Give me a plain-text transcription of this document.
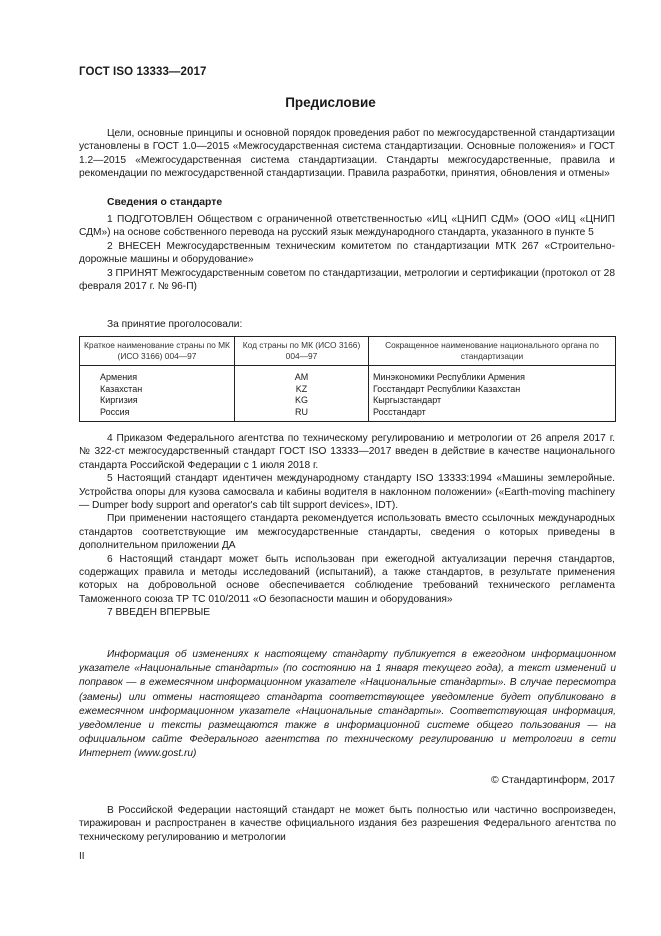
ГОСТ ISO 13333—2017
Предисловие

Цели, основные принципы и основной порядок проведения работ по межгосударственной стандартизации установлены в ГОСТ 1.0—2015 «Межгосударственная система стандартизации. Основные положения» и ГОСТ 1.2—2015 «Межгосударственная система стандартизации. Стандарты межгосударственные, правила и рекомендации по межгосударственной стандартизации. Правила разработки, принятия, обновления и отмены»

Сведения о стандарте

1 ПОДГОТОВЛЕН Обществом с ограниченной ответственностью «ИЦ «ЦНИП СДМ» (ООО «ИЦ «ЦНИП СДМ») на основе собственного перевода на русский язык международного стандарта, указанного в пункте 5

2 ВНЕСЕН Межгосударственным техническим комитетом по стандартизации МТК 267 «Строительно-дорожные машины и оборудование»

3 ПРИНЯТ Межгосударственным советом по стандартизации, метрологии и сертификации (протокол от 28 февраля 2017 г. № 96-П)

За принятие проголосовали:

Краткое наименование страны по МК (ИСО 3166) 004—97	Код страны по МК (ИСО 3166) 004—97	Сокращенное наименование национального органа по стандартизации
Армения	AM	Минэкономики Республики Армения
Казахстан	KZ	Госстандарт Республики Казахстан
Киргизия	KG	Кыргызстандарт
Россия	RU	Росстандарт

4 Приказом Федерального агентства по техническому регулированию и метрологии от 26 апреля 2017 г. № 322-ст межгосударственный стандарт ГОСТ ISO 13333—2017 введен в действие в качестве национального стандарта Российской Федерации с 1 июля 2018 г.

5 Настоящий стандарт идентичен международному стандарту ISO 13333:1994 «Машины землеройные. Устройства опоры для кузова самосвала и кабины водителя в наклонном положении» («Earth-moving machinery — Dumper body support and operator's cab tilt support devices», IDT).

При применении настоящего стандарта рекомендуется использовать вместо ссылочных международных стандартов соответствующие им межгосударственные стандарты, сведения о которых приведены в дополнительном приложении ДА

6 Настоящий стандарт может быть использован при ежегодной актуализации перечня стандартов, содержащих правила и методы исследований (испытаний), а также стандартов, в результате применения которых на добровольной основе обеспечивается соблюдение требований технического регламента Таможенного союза ТР ТС 010/2011 «О безопасности машин и оборудования»

7 ВВЕДЕН ВПЕРВЫЕ

Информация об изменениях к настоящему стандарту публикуется в ежегодном информационном указателе «Национальные стандарты» (по состоянию на 1 января текущего года), а текст изменений и поправок — в ежемесячном информационном указателе «Национальные стандарты». В случае пересмотра (замены) или отмены настоящего стандарта соответствующее уведомление будет опубликовано в ежемесячном информационном указателе «Национальные стандарты». Соответствующая информация, уведомление и тексты размещаются также в информационной системе общего пользования — на официальном сайте Федерального агентства по техническому регулированию и метрологии в сети Интернет (www.gost.ru)

© Стандартинформ, 2017

В Российской Федерации настоящий стандарт не может быть полностью или частично воспроизведен, тиражирован и распространен в качестве официального издания без разрешения Федерального агентства по техническому регулированию и метрологии

II
